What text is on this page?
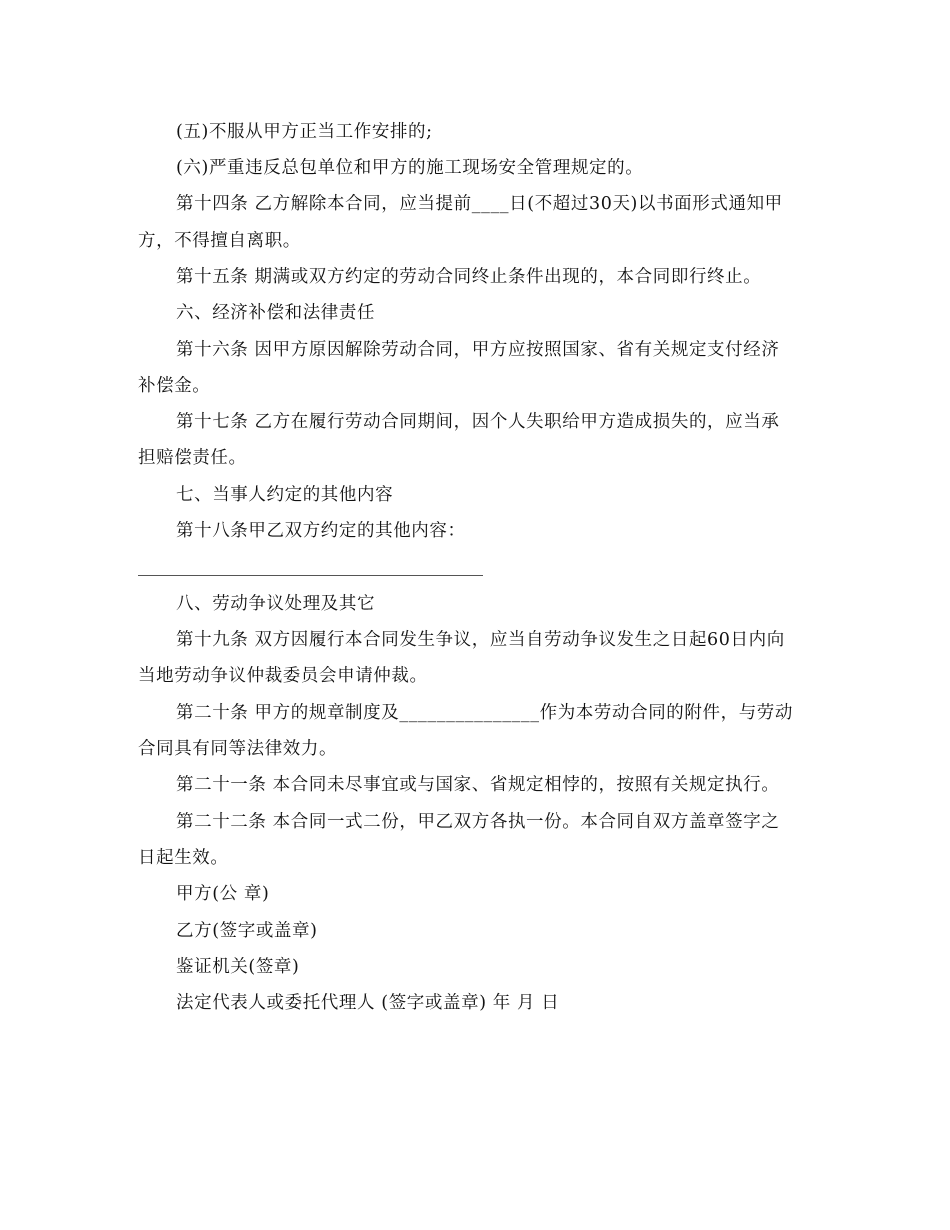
(五)不服从甲方正当工作安排的;
(六)严重违反总包单位和甲方的施工现场安全管理规定的。
第十四条 乙方解除本合同，应当提前____日(不超过30天)以书面形式通知甲
方，不得擅自离职。
第十五条 期满或双方约定的劳动合同终止条件出现的，本合同即行终止。
六、经济补偿和法律责任
第十六条 因甲方原因解除劳动合同，甲方应按照国家、省有关规定支付经济
补偿金。
第十七条 乙方在履行劳动合同期间，因个人失职给甲方造成损失的，应当承
担赔偿责任。
七、当事人约定的其他内容
第十八条甲乙双方约定的其他内容：
八、劳动争议处理及其它
第十九条 双方因履行本合同发生争议，应当自劳动争议发生之日起60日内向
当地劳动争议仲裁委员会申请仲裁。
第二十条 甲方的规章制度及_______________作为本劳动合同的附件，与劳动
合同具有同等法律效力。
第二十一条 本合同未尽事宜或与国家、省规定相悖的，按照有关规定执行。
第二十二条 本合同一式二份，甲乙双方各执一份。本合同自双方盖章签字之
日起生效。
甲方(公 章)
乙方(签字或盖章)
鉴证机关(签章)
法定代表人或委托代理人 (签字或盖章) 年 月 日
